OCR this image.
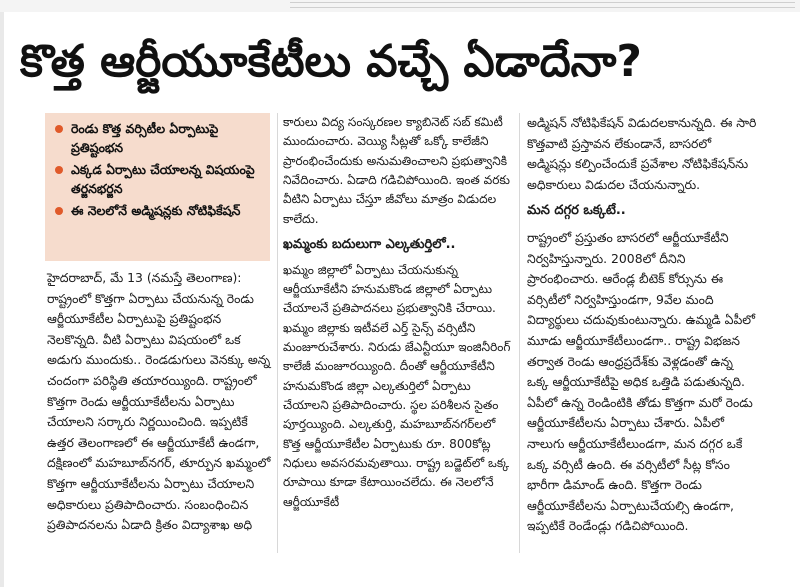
కొత్త ఆర్జీయూకేటీలు వచ్చే ఏడాదేనా?
రెండు కొత్త వర్సిటీల ఏర్పాటుపై ప్రతిష్టంభన
ఎక్కడ ఏర్పాటు చేయాలన్న విషయంపై తర్జనభర్జన
ఈ నెలలోనే అడ్మిషన్లకు నోటిఫికేషన్

హైదరాబాద్, మే 13 (నమస్తే తెలంగాణ): రాష్ట్రంలో కొత్తగా ఏర్పాటు చేయనున్న రెండు ఆర్జీయూకేటీల ఏర్పాటుపై ప్రతిష్టంభన నెలకొన్నది. వీటి ఏర్పాటు విషయంలో ఒక అడుగు ముందుకు.. రెండడుగులు వెనక్కు అన్న చందంగా పరిస్థితి తయారయ్యింది. రాష్ట్రంలో కొత్తగా రెండు ఆర్జీయూకేటీలను ఏర్పాటు చేయాలని సర్కారు నిర్ణయించింది. ఇప్పటికే ఉత్తర తెలంగాణలో ఈ ఆర్జీయూకేటీ ఉండగా, దక్షిణంలో మహబూబ్‌నగర్, తూర్పున ఖమ్మంలో కొత్తగా ఆర్జీయూకేటీలను ఏర్పాటు చేయాలని అధికారులు ప్రతిపాదించారు. సంబంధించిన ప్రతిపాదనలను ఏడాది క్రితం విద్యాశాఖ అధి

కారులు విద్య సంస్కరణల క్యాబినెట్ సబ్ కమిటీ ముందుంచారు. వెయ్యి సీట్లతో ఒక్కో కాలేజీని ప్రారంభించేందుకు అనుమతించాలని ప్రభుత్వానికి నివేదించారు. ఏడాది గడిచిపోయింది. ఇంత వరకు వీటిని ఏర్పాటు చేస్తూ జీవోలు మాత్రం విడుదల కాలేదు.

ఖమ్మంకు బదులుగా ఎల్కతుర్తిలో..

ఖమ్మం జిల్లాలో ఏర్పాటు చేయనుకున్న ఆర్జీయూకేటీని హనుమకొండ జిల్లాలో ఏర్పాటు చేయాలనే ప్రతిపాదనలు ప్రభుత్వానికి చేరాయి. ఖమ్మం జిల్లాకు ఇటీవలే ఎర్త్ సైన్స్ వర్సిటీని మంజూరుచేశారు. నిరుడు జేఎన్టీయూ ఇంజినీరింగ్ కాలేజీ మంజూరయ్యింది. దీంతో ఆర్జీయూకేటీని హనుమకొండ జిల్లా ఎల్కతుర్తిలో ఏర్పాటు చేయాలని ప్రతిపాదించారు. స్థల పరిశీలన సైతం పూర్తయ్యింది. ఎల్కతుర్తి, మహబూబ్‌నగర్‌లలో కొత్త ఆర్జీయూకేటీల ఏర్పాటుకు రూ. 800కోట్ల నిధులు అవసరమవుతాయి. రాష్ట్ర బడ్జెట్‌లో ఒక్క రూపాయి కూడా కేటాయించలేదు. ఈ నెలలోనే ఆర్జీయూకేటీ

అడ్మిషన్ నోటిఫికేషన్ విడుదలకానున్నది. ఈ సారి కొత్తవాటి ప్రస్తావన లేకుండానే, బాసరలో అడ్మిషన్లు కల్పించేందుకే ప్రవేశాల నోటిఫికేషన్‌ను అధికారులు విడుదల చేయనున్నారు.

మన దగ్గర ఒక్కటే..

రాష్ట్రంలో ప్రస్తుతం బాసరలో ఆర్జీయూకేటీని నిర్వహిస్తున్నారు. 2008లో దీనిని ప్రారంభించారు. ఆరేండ్ల బీటెక్ కోర్సును ఈ వర్సిటీలో నిర్వహిస్తుండగా, 9వేల మంది విద్యార్థులు చదువుకుంటున్నారు. ఉమ్మడి ఏపీలో మూడు ఆర్జీయూకేటీలుండగా.. రాష్ట్ర విభజన తర్వాత రెండు ఆంధ్రప్రదేశ్‌కు వెళ్లడంతో ఉన్న ఒక్క ఆర్జీయూకేటీపై అధిక ఒత్తిడి పడుతున్నది. ఏపీలో ఉన్న రెండింటికి తోడు కొత్తగా మరో రెండు ఆర్జీయూకేటీలను ఏర్పాటు చేశారు. ఏపీలో నాలుగు ఆర్జీయూకేటీలుండగా, మన దగ్గర ఒకే ఒక్క వర్సిటీ ఉంది. ఈ వర్సిటీలో సీట్ల కోసం భారీగా డిమాండ్ ఉంది. కొత్తగా రెండు ఆర్జీయూకేటీలను ఏర్పాటుచేయల్సి ఉండగా, ఇప్పటికే రెండేండ్లు గడిచిపోయింది.
